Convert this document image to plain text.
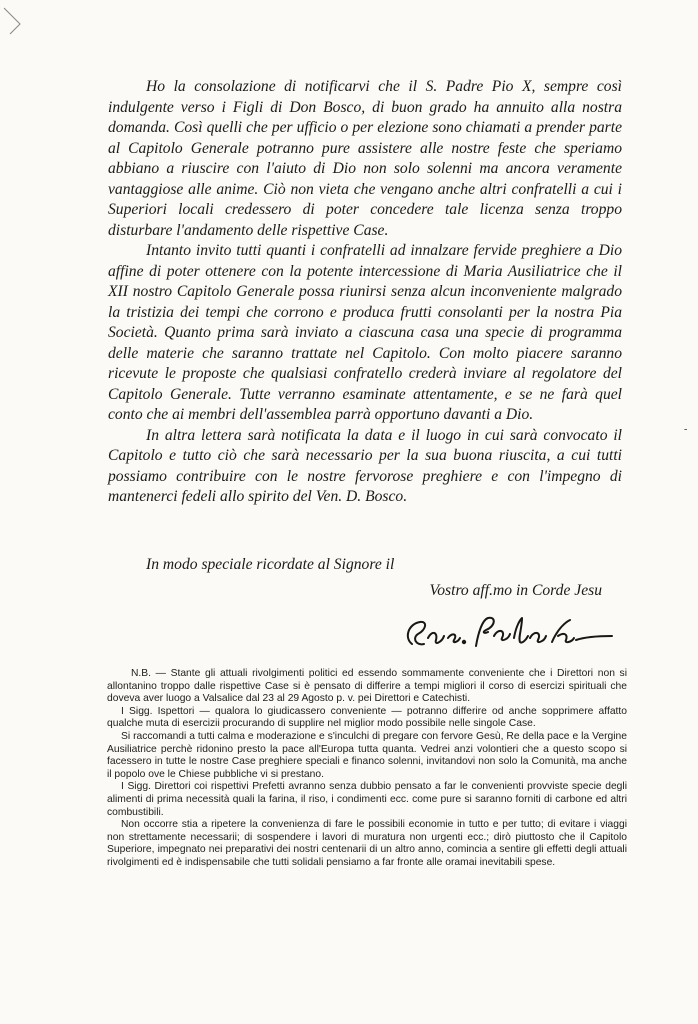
Ho la consolazione di notificarvi che il S. Padre Pio X, sempre così indulgente verso i Figli di Don Bosco, di buon grado ha annuito alla nostra domanda. Così quelli che per ufficio o per elezione sono chiamati a prender parte al Capitolo Generale potranno pure assistere alle nostre feste che speriamo abbiano a riuscire con l'aiuto di Dio non solo solenni ma ancora veramente vantaggiose alle anime. Ciò non vieta che vengano anche altri confratelli a cui i Superiori locali credessero di poter concedere tale licenza senza troppo disturbare l'andamento delle rispettive Case.

Intanto invito tutti quanti i confratelli ad innalzare fervide preghiere a Dio affine di poter ottenere con la potente intercessione di Maria Ausiliatrice che il XII nostro Capitolo Generale possa riunirsi senza alcun inconveniente malgrado la tristizia dei tempi che corrono e produca frutti consolanti per la nostra Pia Società. Quanto prima sarà inviato a ciascuna casa una specie di programma delle materie che saranno trattate nel Capitolo. Con molto piacere saranno ricevute le proposte che qualsiasi confratello crederà inviare al regolatore del Capitolo Generale. Tutte verranno esaminate attentamente, e se ne farà quel conto che ai membri dell'assemblea parrà opportuno davanti a Dio.

In altra lettera sarà notificata la data e il luogo in cui sarà convocato il Capitolo e tutto ciò che sarà necessario per la sua buona riuscita, a cui tutti possiamo contribuire con le nostre fervorose preghiere e con l'impegno di mantenerci fedeli allo spirito del Ven. D. Bosco.

In modo speciale ricordate al Signore il
Vostro aff.mo in Corde Jesu

N.B. — Stante gli attuali rivolgimenti politici ed essendo sommamente conveniente che i Direttori non si allontanino troppo dalle rispettive Case si è pensato di differire a tempi migliori il corso di esercizi spirituali che doveva aver luogo a Valsalice dal 23 al 29 Agosto p. v. pei Direttori e Catechisti.

I Sigg. Ispettori — qualora lo giudicassero conveniente — potranno differire od anche sopprimere affatto qualche muta di esercizii procurando di supplire nel miglior modo possibile nelle singole Case.

Si raccomandi a tutti calma e moderazione e s'inculchi di pregare con fervore Gesù, Re della pace e la Vergine Ausiliatrice perchè ridonino presto la pace all'Europa tutta quanta. Vedrei anzi volontieri che a questo scopo si facessero in tutte le nostre Case preghiere speciali e financo solenni, invitandovi non solo la Comunità, ma anche il popolo ove le Chiese pubbliche vi si prestano.

I Sigg. Direttori coi rispettivi Prefetti avranno senza dubbio pensato a far le convenienti provviste specie degli alimenti di prima necessità quali la farina, il riso, i condimenti ecc. come pure si saranno forniti di carbone ed altri combustibili.

Non occorre stia a ripetere la convenienza di fare le possibili economie in tutto e per tutto; di evitare i viaggi non strettamente necessarii; di sospendere i lavori di muratura non urgenti ecc.; dirò piuttosto che il Capitolo Superiore, impegnato nei preparativi dei nostri centenarii di un altro anno, comincia a sentire gli effetti degli attuali rivolgimenti ed è indispensabile che tutti solidali pensiamo a far fronte alle oramai inevitabili spese.

-
